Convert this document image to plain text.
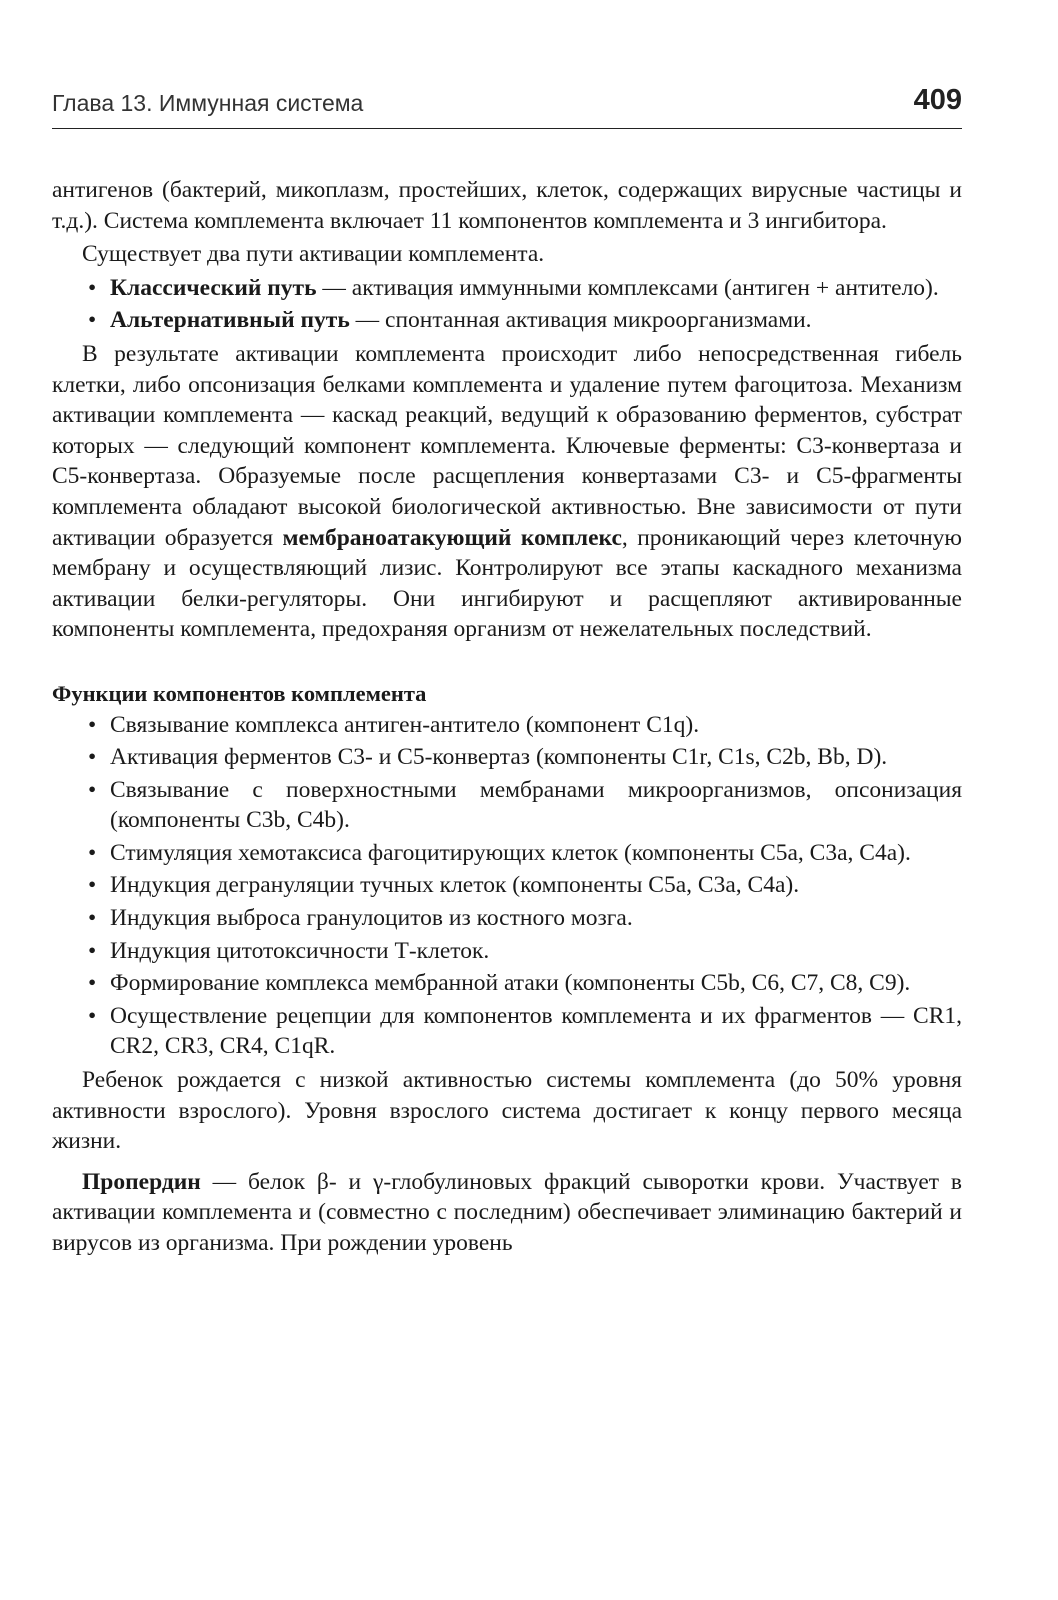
Глава 13. Иммунная система	409

антигенов (бактерий, микоплазм, простейших, клеток, содержащих вирусные частицы и т.д.). Система комплемента включает 11 компонентов комплемента и 3 ингибитора.

Существует два пути активации комплемента.

• Классический путь — активация иммунными комплексами (антиген + антитело).
• Альтернативный путь — спонтанная активация микроорганизмами.

В результате активации комплемента происходит либо непосредственная гибель клетки, либо опсонизация белками комплемента и удаление путем фагоцитоза. Механизм активации комплемента — каскад реакций, ведущий к образованию ферментов, субстрат которых — следующий компонент комплемента. Ключевые ферменты: С3-конвертаза и С5-конвертаза. Образуемые после расщепления конвертазами С3- и С5-фрагменты комплемента обладают высокой биологической активностью. Вне зависимости от пути активации образуется мембраноатакующий комплекс, проникающий через клеточную мембрану и осуществляющий лизис. Контролируют все этапы каскадного механизма активации белки-регуляторы. Они ингибируют и расщепляют активированные компоненты комплемента, предохраняя организм от нежелательных последствий.

Функции компонентов комплемента
• Связывание комплекса антиген-антитело (компонент С1q).
• Активация ферментов С3- и С5-конвертаз (компоненты С1r, С1s, С2b, Bb, D).
• Связывание с поверхностными мембранами микроорганизмов, опсонизация (компоненты С3b, С4b).
• Стимуляция хемотаксиса фагоцитирующих клеток (компоненты С5а, С3а, С4а).
• Индукция дегрануляции тучных клеток (компоненты С5а, С3а, С4а).
• Индукция выброса гранулоцитов из костного мозга.
• Индукция цитотоксичности Т-клеток.
• Формирование комплекса мембранной атаки (компоненты С5b, С6, С7, С8, С9).
• Осуществление рецепции для компонентов комплемента и их фрагментов — CR1, CR2, CR3, CR4, С1qR.

Ребенок рождается с низкой активностью системы комплемента (до 50% уровня активности взрослого). Уровня взрослого система достигает к концу первого месяца жизни.

Пропердин — белок β- и γ-глобулиновых фракций сыворотки крови. Участвует в активации комплемента и (совместно с последним) обеспечивает элиминацию бактерий и вирусов из организма. При рождении уровень
